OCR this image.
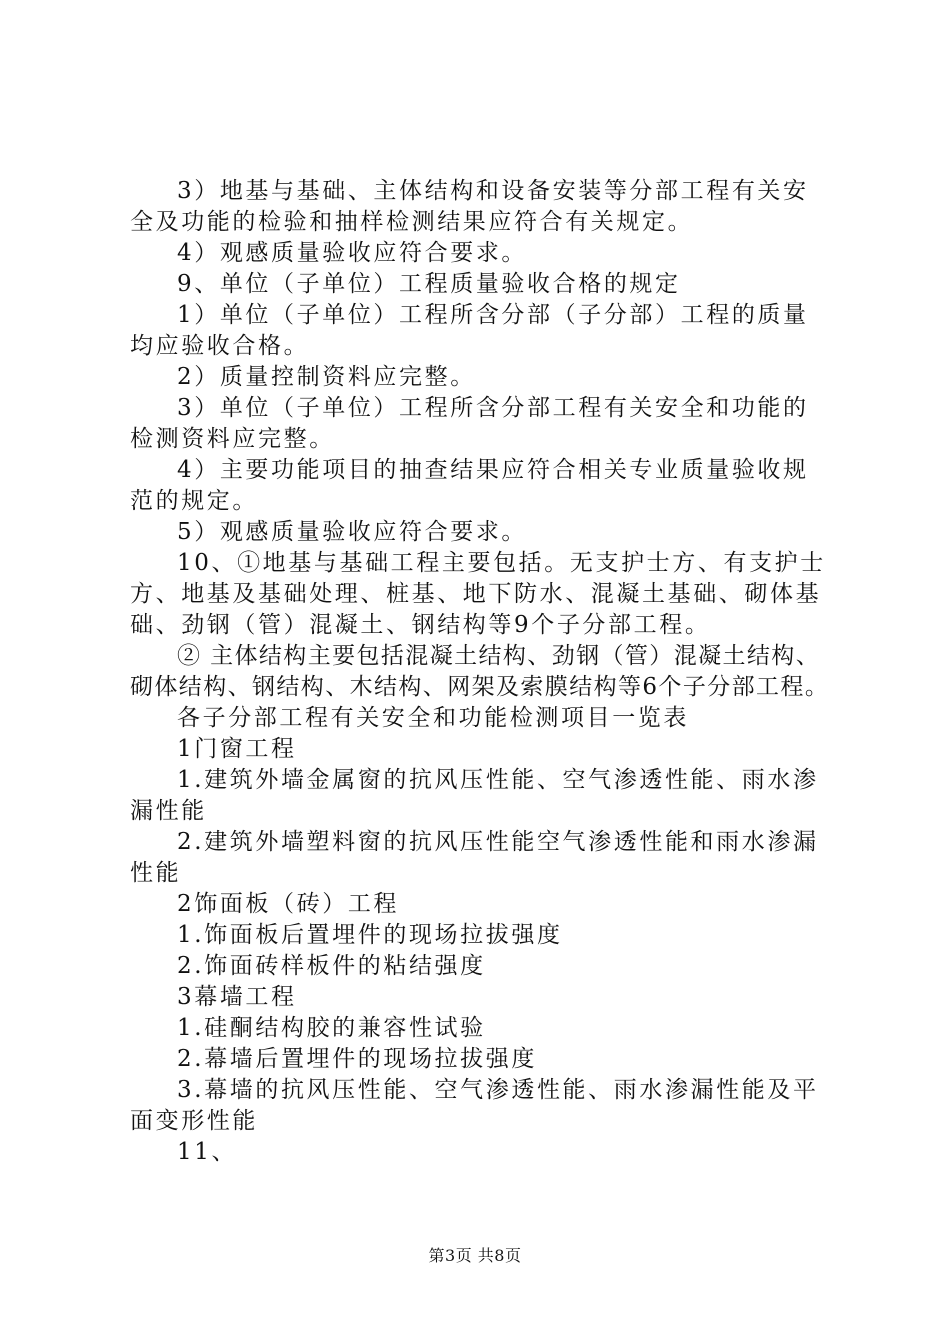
3）地基与基础、主体结构和设备安装等分部工程有关安全及功能的检验和抽样检测结果应符合有关规定。

4）观感质量验收应符合要求。

9、单位（子单位）工程质量验收合格的规定

1）单位（子单位）工程所含分部（子分部）工程的质量均应验收合格。

2）质量控制资料应完整。

3）单位（子单位）工程所含分部工程有关安全和功能的检测资料应完整。

4）主要功能项目的抽查结果应符合相关专业质量验收规范的规定。

5）观感质量验收应符合要求。

10、①地基与基础工程主要包括。无支护士方、有支护士方、地基及基础处理、桩基、地下防水、混凝土基础、砌体基础、劲钢（管）混凝土、钢结构等9个子分部工程。

② 主体结构主要包括混凝土结构、劲钢（管）混凝土结构、砌体结构、钢结构、木结构、网架及索膜结构等6个子分部工程。

各子分部工程有关安全和功能检测项目一览表

1门窗工程

1.建筑外墙金属窗的抗风压性能、空气渗透性能、雨水渗漏性能

2.建筑外墙塑料窗的抗风压性能空气渗透性能和雨水渗漏性能

2饰面板（砖）工程

1.饰面板后置埋件的现场拉拔强度

2.饰面砖样板件的粘结强度

3幕墙工程

1.硅酮结构胶的兼容性试验

2.幕墙后置埋件的现场拉拔强度

3.幕墙的抗风压性能、空气渗透性能、雨水渗漏性能及平面变形性能

11、

第3页 共8页
